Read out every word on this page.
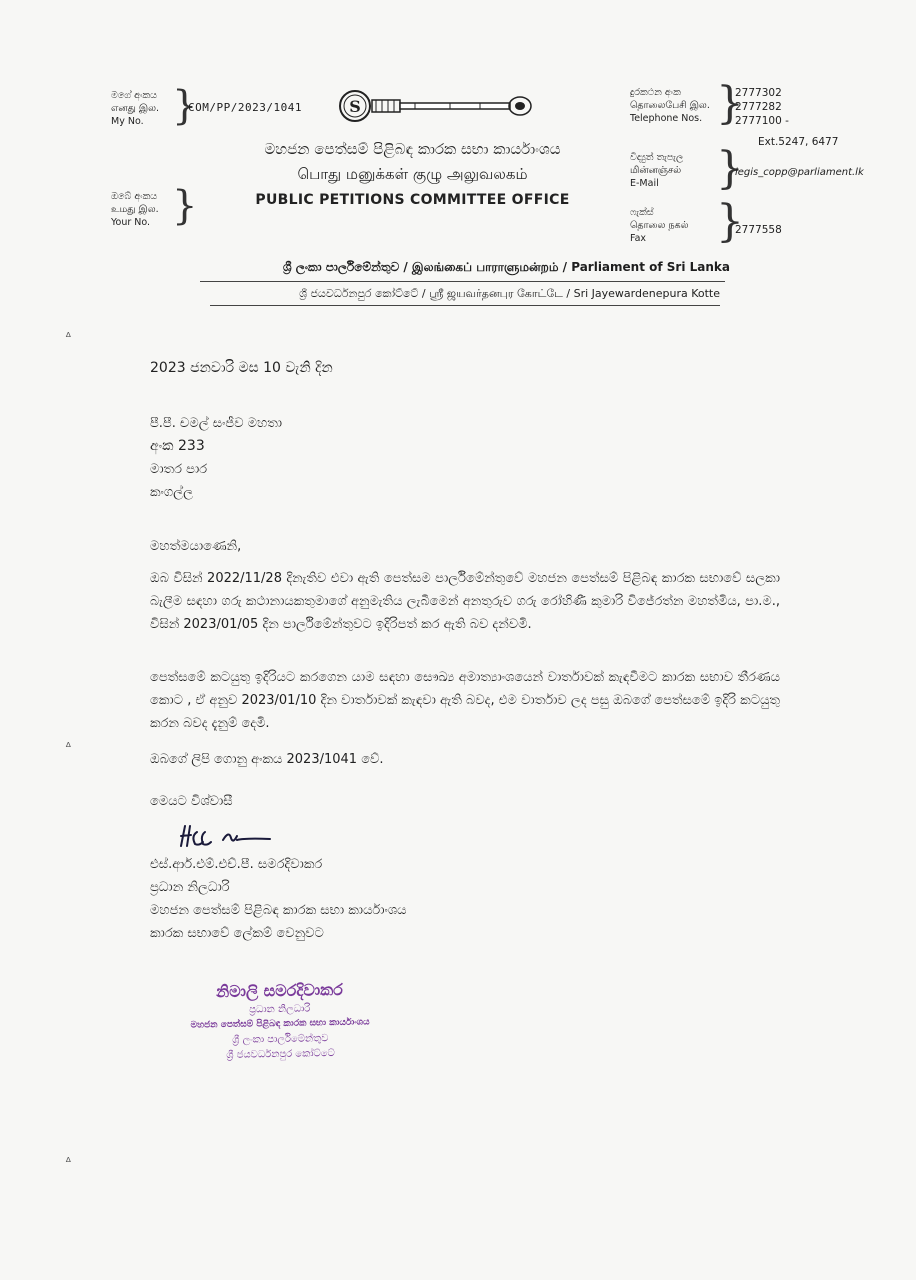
මගේ අංකය
எனது இல.
My No. }
COM/PP/2023/1041	S
මහජන පෙත්සම් පිළිබඳ කාරක සභා කාර්යාංශය
பொது மனுக்கள் குழு அலுவலகம்
PUBLIC PETITIONS COMMITTEE OFFICE
ඔබේ අංකය
உமது இல.
Your No. }
දුරකථන අංක
தொலைபேசி இல.
Telephone Nos. }
2777302
2777282
2777100 -
Ext.5247, 6477
විද්‍යුත් තැපැල
மின்னஞ்சல்
E-Mail	}
legis_copp@parliament.lk
ෆැක්ස්
தொலை நகல்
Fax	}
2777558
ශ්‍රී ලංකා පාර්ලිමේන්තුව / இலங்கைப் பாராளுமன்றம் / Parliament of Sri Lanka
ශ්‍රී ජයවර්ධනපුර කෝට්ටේ / ஸ்ரீ ஜயவர்தனபுர கோட்டே / Sri Jayewardenepura Kotte
ᐞ
ᐞ
ᐞ
2023 ජනවාරි මස 10 වැනි දින
පී.පී. චමල් සංජීව මහතා
අංක 233
මාතර පාර
කංගල්ල
මහත්මයාණෙනි,
ඔබ විසින් 2022/11/28 දිනැතිව එවා ඇති පෙත්සම පාර්ලිමේන්තුවේ මහජන පෙත්සම් පිළිබඳ කාරක සභාවේ සලකා බැලීම සඳහා ගරු කථානායකතුමාගේ අනුමැතිය ලැබීමෙන් අනතුරුව ගරු රෝහිණී කුමාරි විජේරත්න මහත්මිය, පා.ම., විසින් 2023/01/05 දින පාර්ලිමේන්තුවට ඉදිරිපත් කර ඇති බව දන්වමි.
පෙත්සමේ කටයුතු ඉදිරියට කරගෙන යාම සඳහා සෞඛ්‍ය අමාත්‍යාංශයෙන් වාර්තාවක් කැඳවීමට කාරක සභාව තීරණය කොට , ඒ අනුව 2023/01/10 දින වාර්තාවක් කැඳවා ඇති බවද, එම වාර්තාව ලද පසු ඔබගේ පෙත්සමේ ඉදිරි කටයුතු කරන බවද දැනුම් දෙමි.
ඔබගේ ලිපි ගොනු අංකය 2023/1041 වේ.
මෙයට විශ්වාසී
එස්.ආර්.එම්.එච්.පී. සමරදිවාකර
ප්‍රධාන නිලධාරි
මහජන පෙත්සම් පිළිබඳ කාරක සභා කාර්යාංශය
කාරක සභාවේ ලේකම් වෙනුවට
නිමාලි සමරදිවාකර
ප්‍රධාන නිලධාරි
මහජන පෙත්සම් පිළිබඳ කාරක සභා කාර්යාංශය
ශ්‍රී ලංකා පාර්ලිමේන්තුව
ශ්‍රී ජයවර්ධනපුර කෝට්ටේ
